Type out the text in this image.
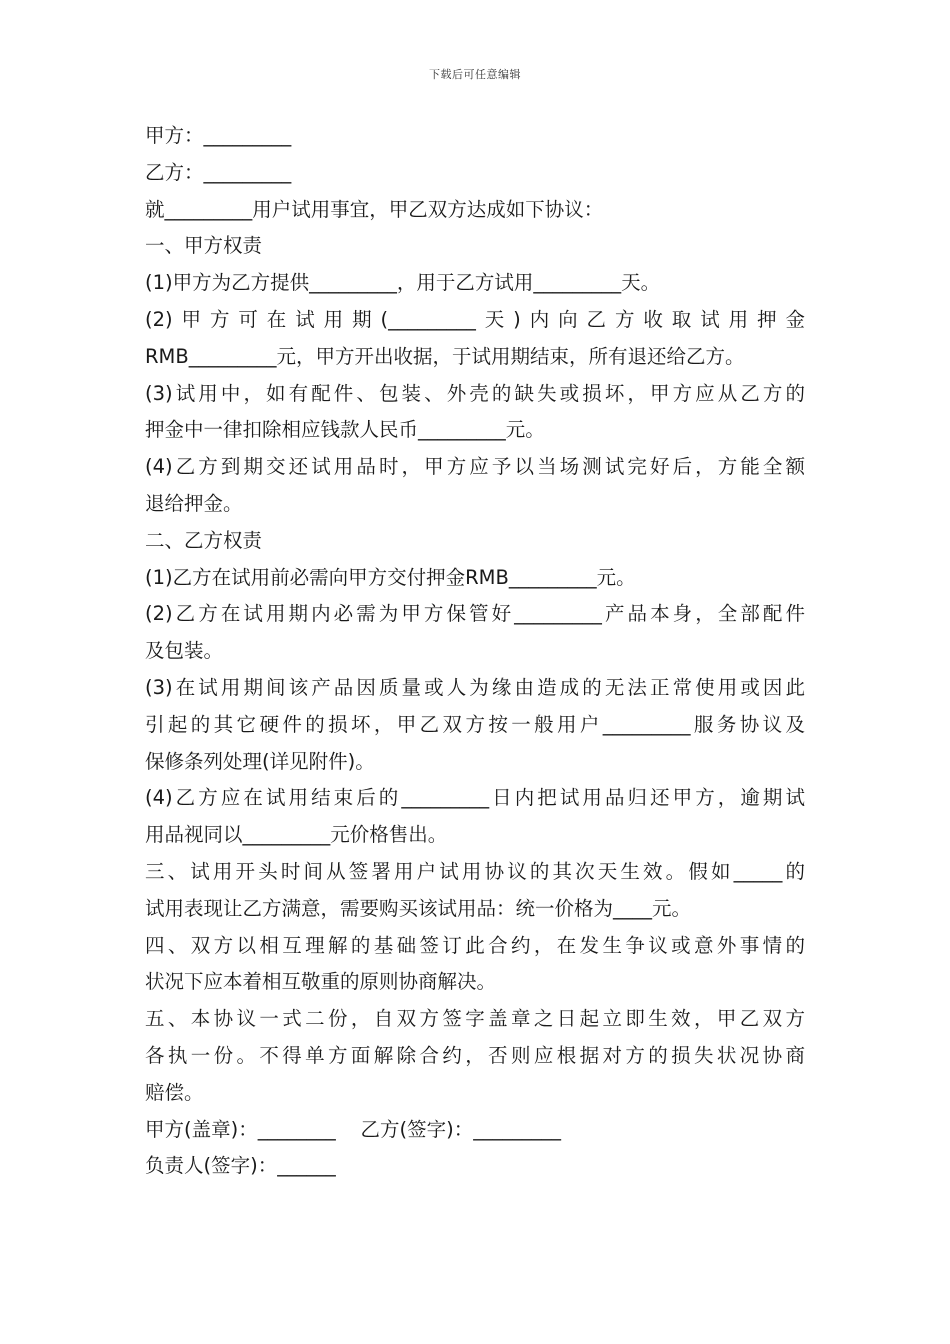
下载后可任意编辑
甲方：_________
乙方：_________
就_________用户试用事宜，甲乙双方达成如下协议：
一、甲方权责
(1)甲方为乙方提供_________，用于乙方试用_________天。
(2)甲方可在试用期(_________天)内向乙方收取试用押金
RMB_________元，甲方开出收据，于试用期结束，所有退还给乙方。
(3)试用中，如有配件、包装、外壳的缺失或损坏，甲方应从乙方的
押金中一律扣除相应钱款人民币_________元。
(4)乙方到期交还试用品时，甲方应予以当场测试完好后，方能全额
退给押金。
二、乙方权责
(1)乙方在试用前必需向甲方交付押金RMB_________元。
(2)乙方在试用期内必需为甲方保管好_________产品本身，全部配件
及包装。
(3)在试用期间该产品因质量或人为缘由造成的无法正常使用或因此
引起的其它硬件的损坏，甲乙双方按一般用户_________服务协议及
保修条列处理(详见附件)。
(4)乙方应在试用结束后的_________日内把试用品归还甲方，逾期试
用品视同以_________元价格售出。
三、试用开头时间从签署用户试用协议的其次天生效。假如_____的
试用表现让乙方满意，需要购买该试用品：统一价格为____元。
四、双方以相互理解的基础签订此合约，在发生争议或意外事情的
状况下应本着相互敬重的原则协商解决。
五、本协议一式二份，自双方签字盖章之日起立即生效，甲乙双方
各执一份。不得单方面解除合约，否则应根据对方的损失状况协商
赔偿。
甲方(盖章)：________ 乙方(签字)：_________
负责人(签字)：______
